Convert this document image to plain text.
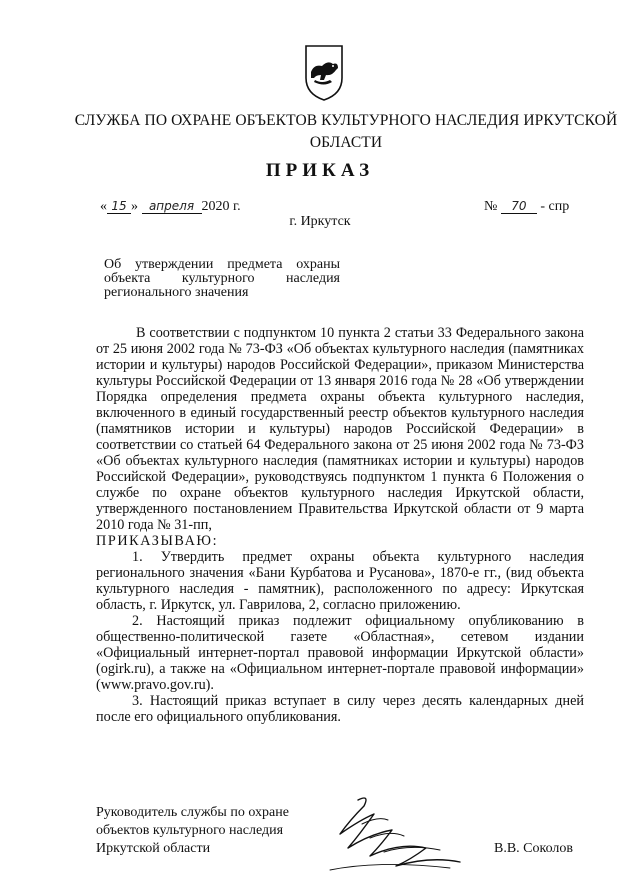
СЛУЖБА ПО ОХРАНЕ ОБЪЕКТОВ КУЛЬТУРНОГО НАСЛЕДИЯ ИРКУТСКОЙ
ОБЛАСТИ
ПРИКАЗ
« 15 » апреля 2020 г.	№ 70 - спр
г. Иркутск
Об утверждении предмета охраны
объекта культурного наследия
регионального значения

В соответствии с подпунктом 10 пункта 2 статьи 33 Федерального закона от 25 июня 2002 года № 73-ФЗ «Об объектах культурного наследия (памятниках истории и культуры) народов Российской Федерации», приказом Министерства культуры Российской Федерации от 13 января 2016 года № 28 «Об утверждении Порядка определения предмета охраны объекта культурного наследия, включенного в единый государственный реестр объектов культурного наследия (памятников истории и культуры) народов Российской Федерации» в соответствии со статьей 64 Федерального закона от 25 июня 2002 года № 73-ФЗ «Об объектах культурного наследия (памятниках истории и культуры) народов Российской Федерации», руководствуясь подпунктом 1 пункта 6 Положения о службе по охране объектов культурного наследия Иркутской области, утвержденного постановлением Правительства Иркутской области от 9 марта 2010 года № 31-пп,

ПРИКАЗЫВАЮ:

1. Утвердить предмет охраны объекта культурного наследия регионального значения «Бани Курбатова и Русанова», 1870-е гг., (вид объекта культурного наследия - памятник), расположенного по адресу: Иркутская область, г. Иркутск, ул. Гаврилова, 2, согласно приложению.

2. Настоящий приказ подлежит официальному опубликованию в общественно-политической газете «Областная», сетевом издании «Официальный интернет-портал правовой информации Иркутской области» (ogirk.ru), а также на «Официальном интернет-портале правовой информации» (www.pravo.gov.ru).

3. Настоящий приказ вступает в силу через десять календарных дней после его официального опубликования.

Руководитель службы по охране
объектов культурного наследия
Иркутской области	В.В. Соколов
